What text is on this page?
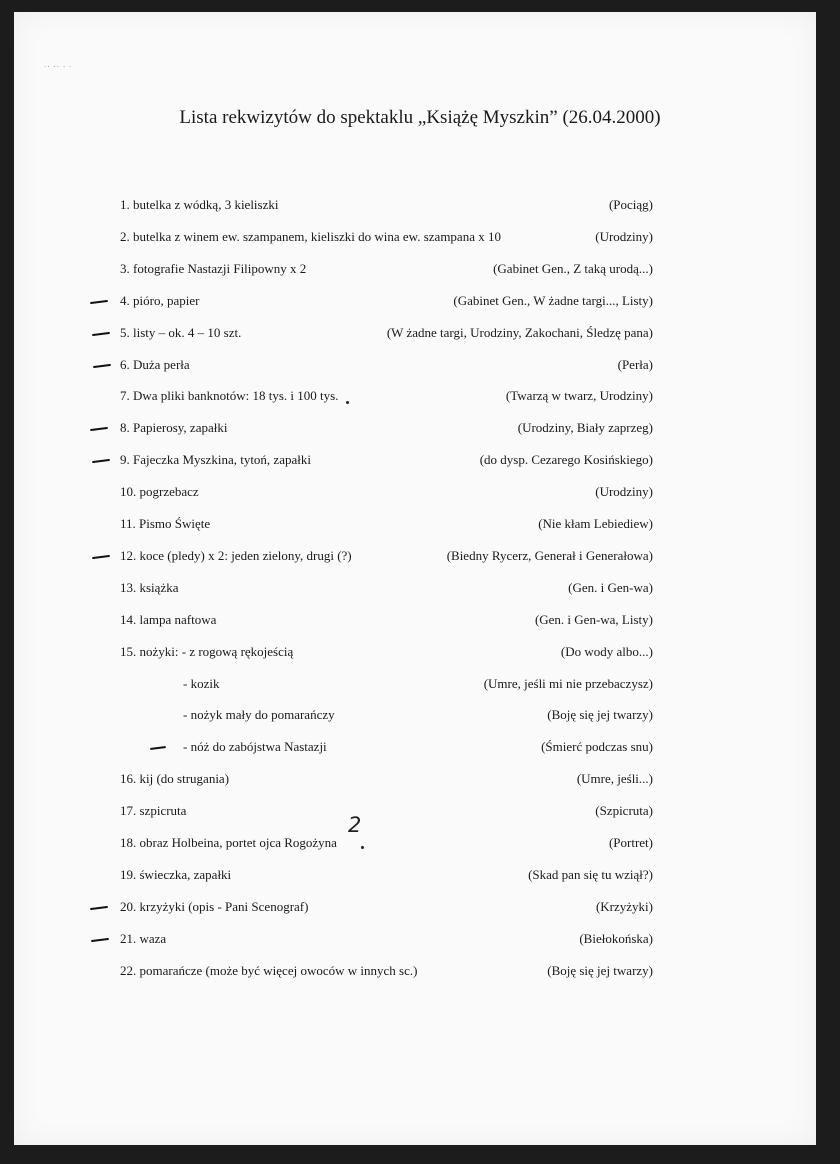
·· ·· · ·
Lista rekwizytów do spektaklu „Książę Myszkin” (26.04.2000)
1. butelka z wódką, 3 kieliszki	(Pociąg)
2. butelka z winem ew. szampanem, kieliszki do wina ew. szampana x 10	(Urodziny)
3. fotografie Nastazji Filipowny x 2	(Gabinet Gen., Z taką urodą...)
4. pióro, papier	(Gabinet Gen., W żadne targi..., Listy)
5. listy – ok. 4 – 10 szt.	(W żadne targi, Urodziny, Zakochani, Śledzę pana)
6. Duża perła	(Perła)
7. Dwa pliki banknotów: 18 tys. i 100 tys.	(Twarzą w twarz, Urodziny)
8. Papierosy, zapałki	(Urodziny, Biały zaprzeg)
9. Fajeczka Myszkina, tytoń, zapałki	(do dysp. Cezarego Kosińskiego)
10. pogrzebacz	(Urodziny)
11. Pismo Święte	(Nie kłam Lebiediew)
12. koce (pledy) x 2: jeden zielony, drugi (?)	(Biedny Rycerz, Generał i Generałowa)
13. książka	(Gen. i Gen-wa)
14. lampa naftowa	(Gen. i Gen-wa, Listy)
15. nożyki: - z rogową rękojeścią	(Do wody albo...)
- kozik	(Umre, jeśli mi nie przebaczysz)
- nożyk mały do pomarańczy	(Boję się jej twarzy)
- nóż do zabójstwa Nastazji	(Śmierć podczas snu)
16. kij (do strugania)	(Umre, jeśli...)
17. szpicruta	(Szpicruta)
18. obraz Holbeina, portet ojca Rogożyna	(Portret)
19. świeczka, zapałki	(Skad pan się tu wziął?)
20. krzyżyki (opis - Pani Scenograf)	(Krzyżyki)
21. waza	(Biełokońska)
22. pomarańcze (może być więcej owoców w innych sc.)	(Boję się jej twarzy)
2
